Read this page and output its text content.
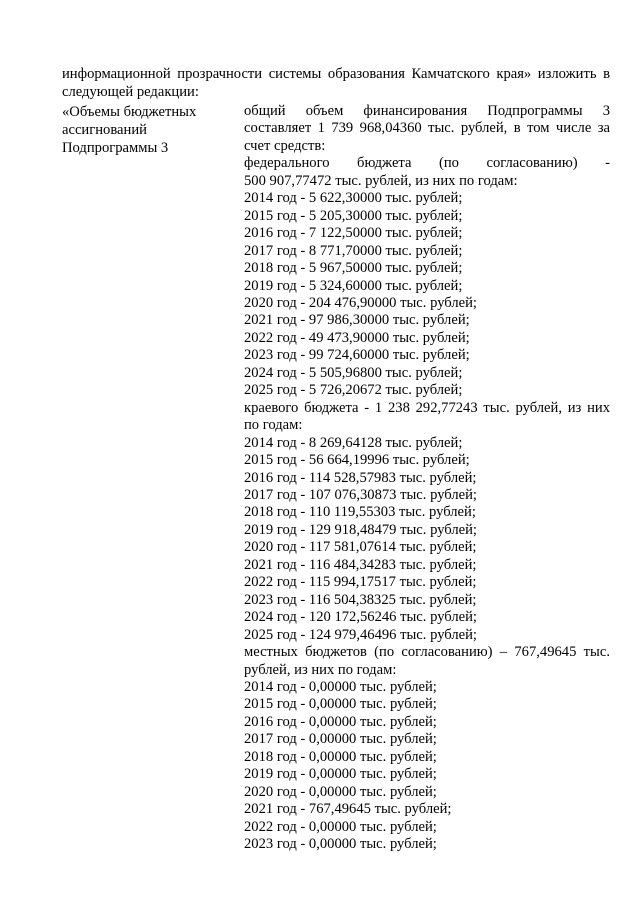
информационной прозрачности системы образования Камчатского края» изложить в
следующей редакции:
«Объемы бюджетных
ассигнований
Подпрограммы 3
общий объем финансирования Подпрограммы 3
составляет 1 739 968,04360 тыс. рублей, в том числе за
счет средств:
федерального бюджета (по согласованию) -
500 907,77472 тыс. рублей, из них по годам:
2014 год - 5 622,30000 тыс. рублей;
2015 год - 5 205,30000 тыс. рублей;
2016 год - 7 122,50000 тыс. рублей;
2017 год - 8 771,70000 тыс. рублей;
2018 год - 5 967,50000 тыс. рублей;
2019 год - 5 324,60000 тыс. рублей;
2020 год - 204 476,90000 тыс. рублей;
2021 год - 97 986,30000 тыс. рублей;
2022 год - 49 473,90000 тыс. рублей;
2023 год - 99 724,60000 тыс. рублей;
2024 год - 5 505,96800 тыс. рублей;
2025 год - 5 726,20672 тыс. рублей;
краевого бюджета - 1 238 292,77243 тыс. рублей, из них
по годам:
2014 год - 8 269,64128 тыс. рублей;
2015 год - 56 664,19996 тыс. рублей;
2016 год - 114 528,57983 тыс. рублей;
2017 год - 107 076,30873 тыс. рублей;
2018 год - 110 119,55303 тыс. рублей;
2019 год - 129 918,48479 тыс. рублей;
2020 год - 117 581,07614 тыс. рублей;
2021 год - 116 484,34283 тыс. рублей;
2022 год - 115 994,17517 тыс. рублей;
2023 год - 116 504,38325 тыс. рублей;
2024 год - 120 172,56246 тыс. рублей;
2025 год - 124 979,46496 тыс. рублей;
местных бюджетов (по согласованию) – 767,49645 тыс.
рублей, из них по годам:
2014 год - 0,00000 тыс. рублей;
2015 год - 0,00000 тыс. рублей;
2016 год - 0,00000 тыс. рублей;
2017 год - 0,00000 тыс. рублей;
2018 год - 0,00000 тыс. рублей;
2019 год - 0,00000 тыс. рублей;
2020 год - 0,00000 тыс. рублей;
2021 год - 767,49645 тыс. рублей;
2022 год - 0,00000 тыс. рублей;
2023 год - 0,00000 тыс. рублей;
